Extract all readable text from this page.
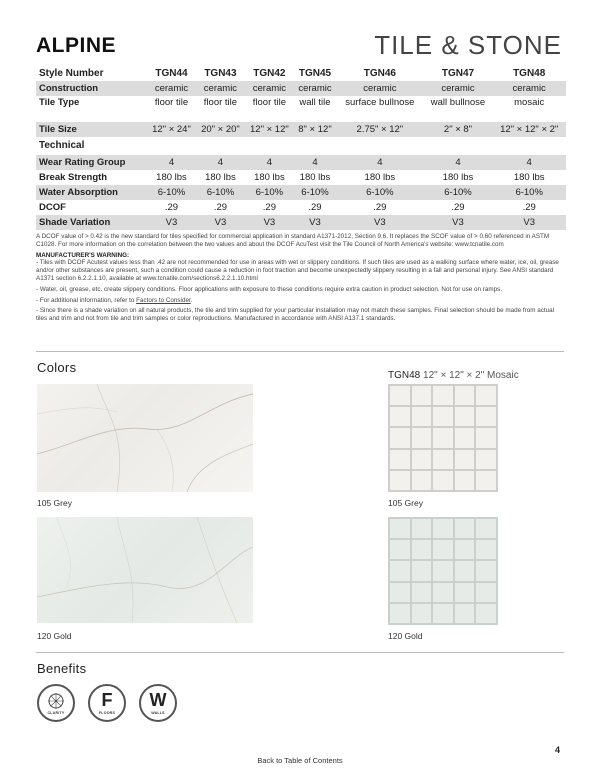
ALPINE	TILE & STONE
Style Number	TGN44	TGN43	TGN42	TGN45	TGN46	TGN47	TGN48
Construction	ceramic	ceramic	ceramic	ceramic	ceramic	ceramic	ceramic
Tile Type	floor tile	floor tile	floor tile	wall tile	surface bullnose	wall bullnose	mosaic
Tile Size	12" × 24"	20" × 20"	12" × 12"	8" × 12"	2.75" × 12"	2" × 8"	12" × 12" × 2"
Technical							
Wear Rating Group	4	4	4	4	4	4	4
Break Strength	180 lbs	180 lbs	180 lbs	180 lbs	180 lbs	180 lbs	180 lbs
Water Absorption	6-10%	6-10%	6-10%	6-10%	6-10%	6-10%	6-10%
DCOF	.29	.29	.29	.29	.29	.29	.29
Shade Variation	V3	V3	V3	V3	V3	V3	V3

A DCOF value of > 0.42 is the new standard for tiles specified for commercial application in standard A1371-2012, Section 9.6. It replaces the SCOF value of > 0.60 referenced in ASTM C1028. For more information on the correlation between the two values and about the DCOF AcuTest visit the Tile Council of North America's website: www.tcnatile.com

MANUFACTURER'S WARNING:

- Tiles with DCOF Acutest values less than .42 are not recommended for use in areas with wet or slippery conditions. If such tiles are used as a walking surface where water, ice, oil, grease and/or other substances are present, such a condition could cause a reduction in foot traction and become unexpectedly slippery resulting in a fall and personal injury. See ANSI standard A1371 section 6.2.2.1.10, available at www.tcnatile.com/sections6.2.2.1.10.html

- Water, oil, grease, etc. create slippery conditions. Floor applications with exposure to these conditions require extra caution in product selection. Not for use on ramps.

- For additional information, refer to Factors to Consider.

- Since there is a shade variation on all natural products, the tile and trim supplied for your particular installation may not match these samples. Final selection should be made from actual tiles and trim and not from tile and trim samples or color reproductions. Manufactured in accordance with ANSI A137.1 standards.

Colors
TGN48 12" × 12" × 2" Mosaic
105 Grey
120 Gold
105 Grey
120 Gold
Benefits
CLARITY
F
FLOORS
W
WALLS
4
Back to Table of Contents
